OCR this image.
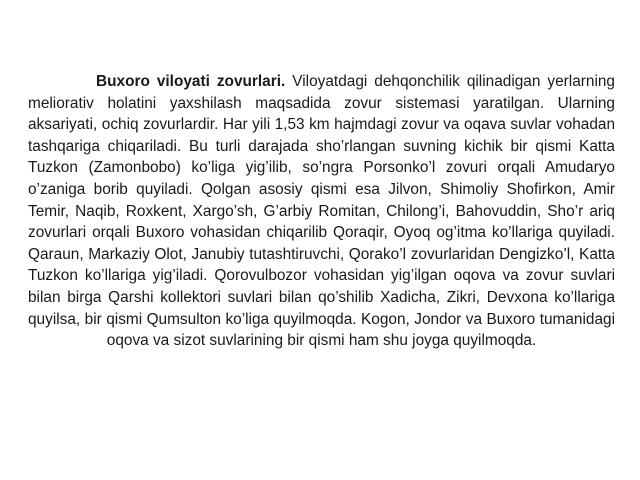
Buxoro viloyati zovurlari. Viloyatdagi dehqonchilik qilinadigan yerlarning meliorativ holatini yaxshilash maqsadida zovur sistemasi yaratilgan. Ularning aksariyati, ochiq zovurlardir. Har yili 1,53 km hajmdagi zovur va oqava suvlar vohadan tashqariga chiqariladi. Bu turli darajada sho’rlangan suvning kichik bir qismi Katta Tuzkon (Zamonbobo) ko’liga yig’ilib, so’ngra Porsonko’l zovuri orqali Amudaryo o’zaniga borib quyiladi. Qolgan asosiy qismi esa Jilvon, Shimoliy Shofirkon, Amir Temir, Naqib, Roxkent, Xargo’sh, G’arbiy Romitan, Chilong’i, Bahovuddin, Sho’r ariq zovurlari orqali Buxoro vohasidan chiqarilib Qoraqir, Oyoq og’itma ko’llariga quyiladi. Qaraun, Markaziy Olot, Janubiy tutashtiruvchi, Qorako’l zovurlaridan Dengizko’l, Katta Tuzkon ko’llariga yig’iladi. Qorovulbozor vohasidan yig’ilgan oqova va zovur suvlari bilan birga Qarshi kollektori suvlari bilan qo’shilib Xadicha, Zikri, Devxona ko’llariga quyilsa, bir qismi Qumsulton ko’liga quyilmoqda. Kogon, Jondor va Buxoro tumanidagi oqova va sizot suvlarining bir qismi ham shu joyga quyilmoqda.
